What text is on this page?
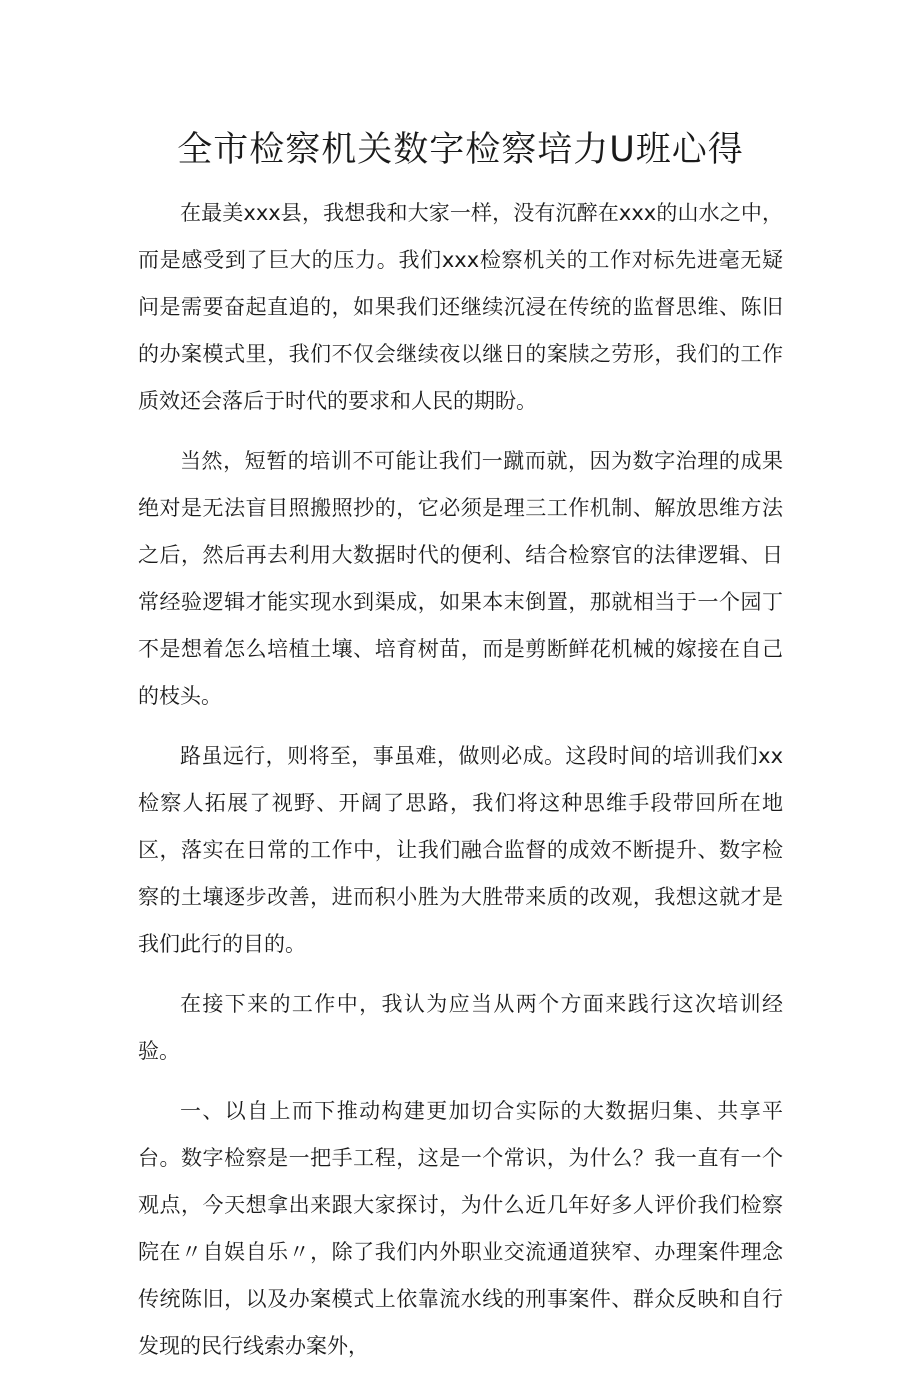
全市检察机关数字检察培力U班心得

在最美xxx县，我想我和大家一样，没有沉醉在xxx的山水之中，而是感受到了巨大的压力。我们xxx检察机关的工作对标先进毫无疑问是需要奋起直追的，如果我们还继续沉浸在传统的监督思维、陈旧的办案模式里，我们不仅会继续夜以继日的案牍之劳形，我们的工作质效还会落后于时代的要求和人民的期盼。

当然，短暂的培训不可能让我们一蹴而就，因为数字治理的成果绝对是无法盲目照搬照抄的，它必须是理三工作机制、解放思维方法之后，然后再去利用大数据时代的便利、结合检察官的法律逻辑、日常经验逻辑才能实现水到渠成，如果本末倒置，那就相当于一个园丁不是想着怎么培植土壤、培育树苗，而是剪断鲜花机械的嫁接在自己的枝头。

路虽远行，则将至，事虽难，做则必成。这段时间的培训我们xx检察人拓展了视野、开阔了思路，我们将这种思维手段带回所在地区，落实在日常的工作中，让我们融合监督的成效不断提升、数字检察的土壤逐步改善，进而积小胜为大胜带来质的改观，我想这就才是我们此行的目的。

在接下来的工作中，我认为应当从两个方面来践行这次培训经验。

一、以自上而下推动构建更加切合实际的大数据归集、共享平台。数字检察是一把手工程，这是一个常识，为什么？我一直有一个观点，今天想拿出来跟大家探讨，为什么近几年好多人评价我们检察院在〃自娱自乐〃，除了我们内外职业交流通道狭窄、办理案件理念传统陈旧，以及办案模式上依靠流水线的刑事案件、群众反映和自行发现的民行线索办案外，
